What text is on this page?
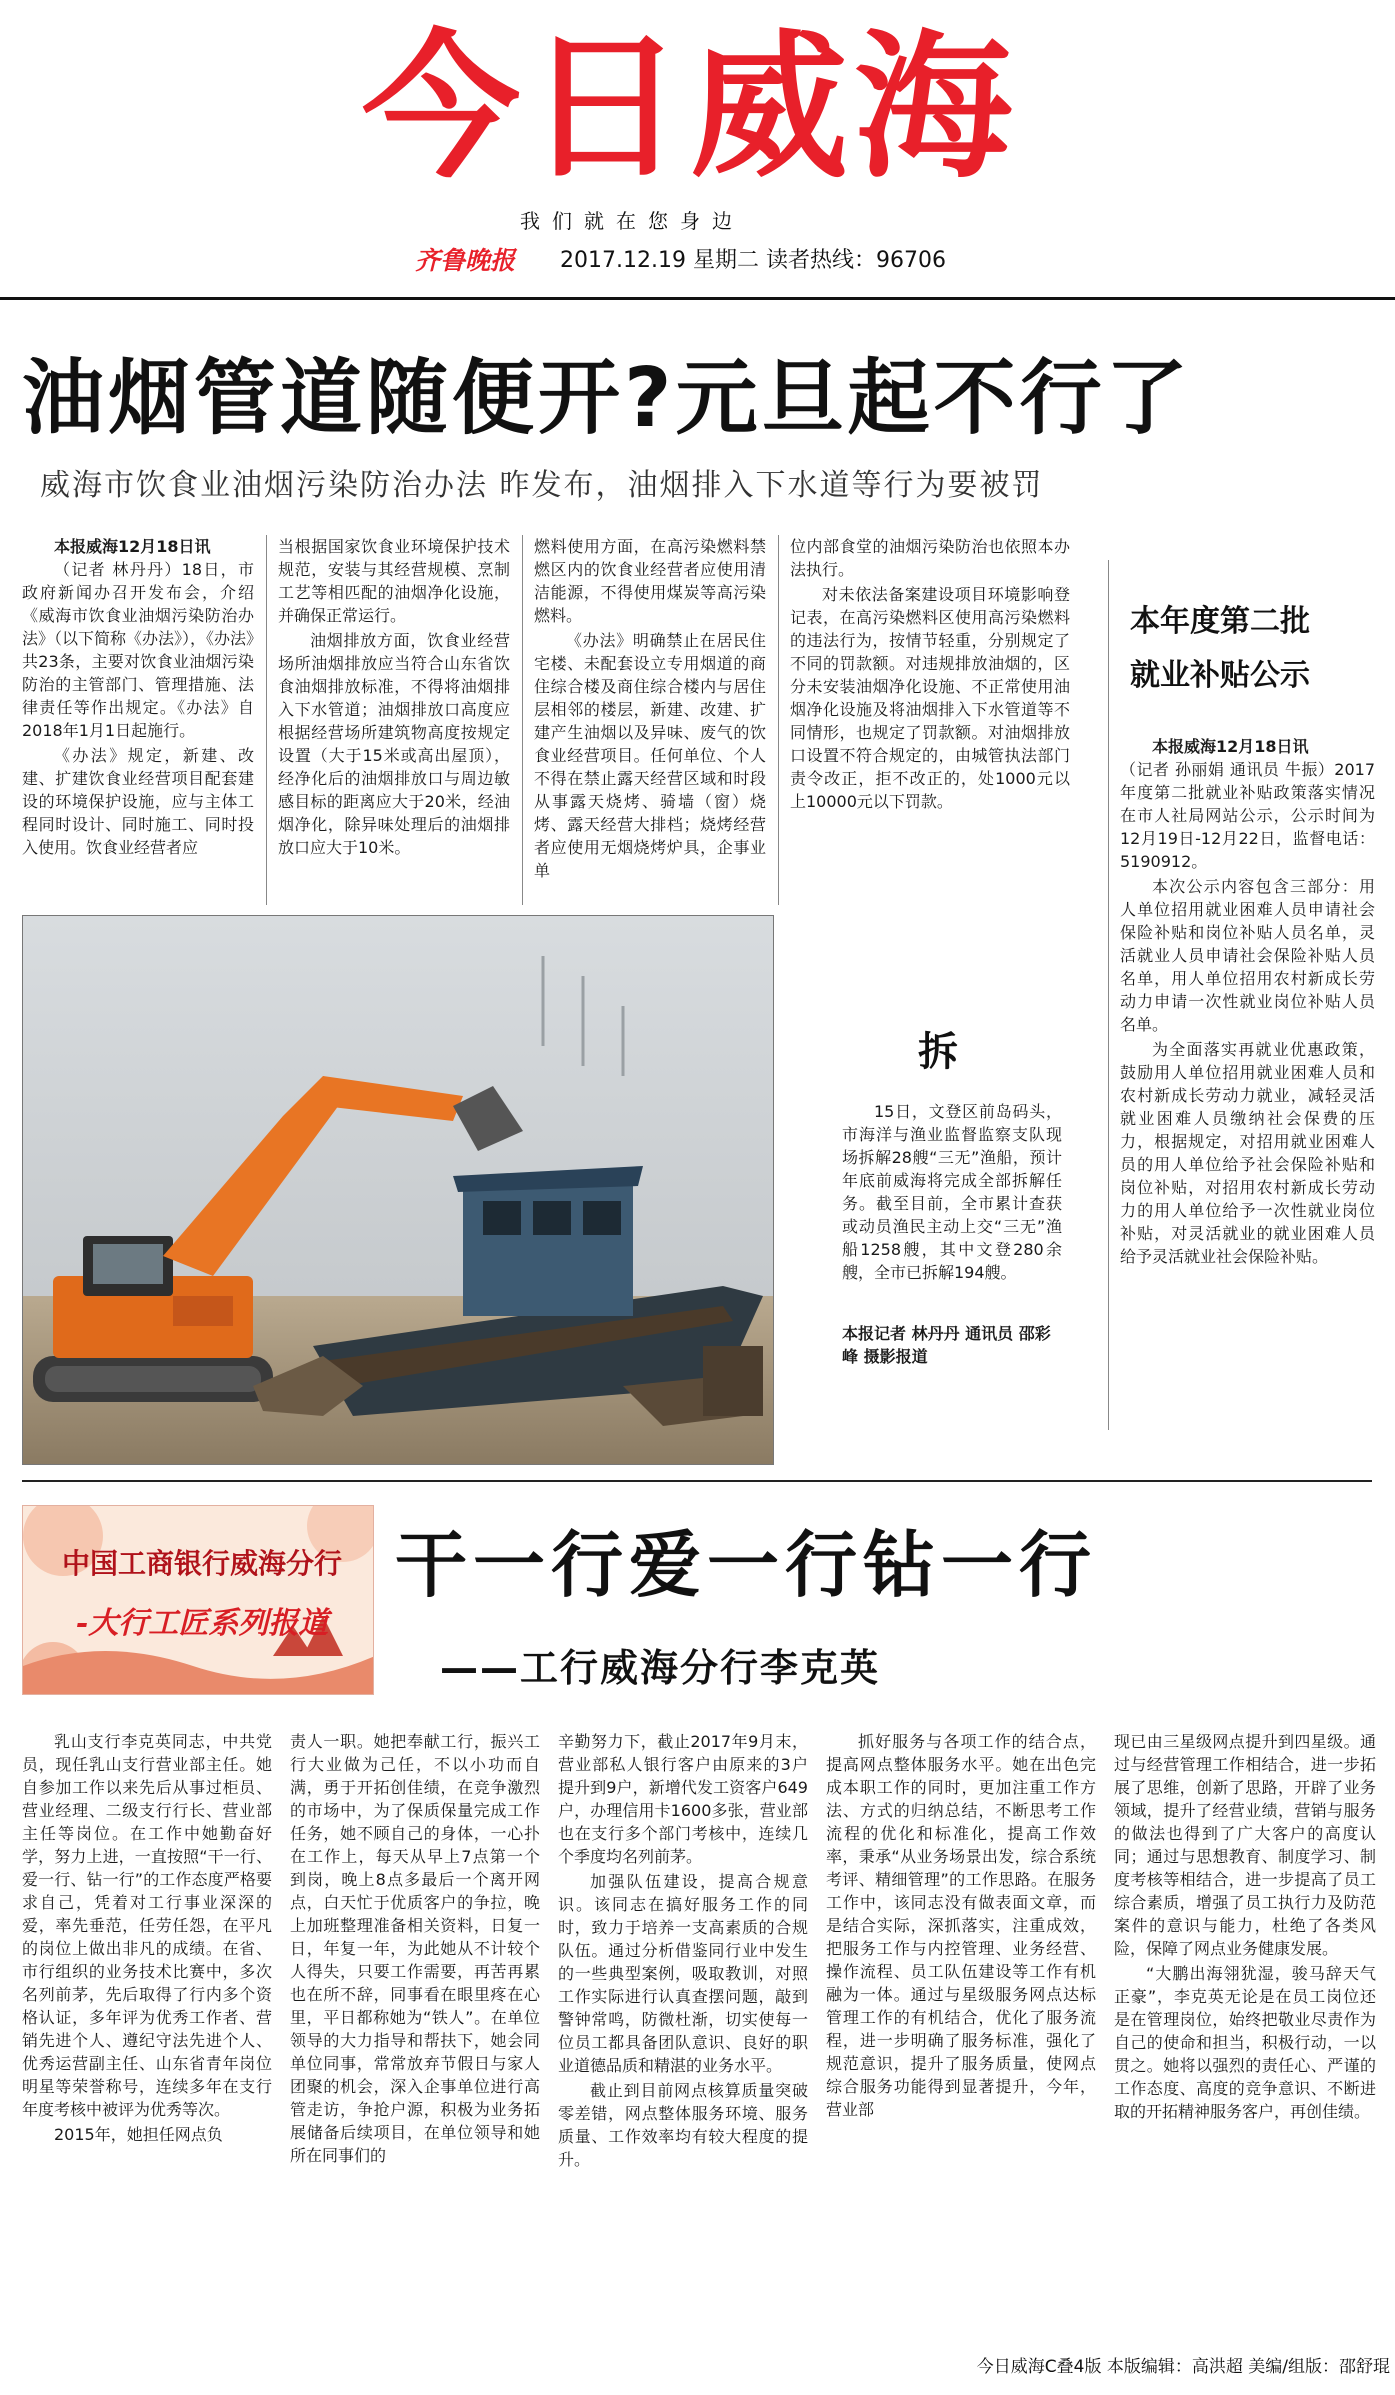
今日威海
我们就在您身边
齐鲁晚报	2017.12.19 星期二 读者热线：96706
油烟管道随便开?元旦起不行了
威海市饮食业油烟污染防治办法 昨发布，油烟排入下水道等行为要被罚
本报威海12月18日讯

（记者 林丹丹）18日，市政府新闻办召开发布会，介绍《威海市饮食业油烟污染防治办法》（以下简称《办法》），《办法》共23条，主要对饮食业油烟污染防治的主管部门、管理措施、法律责任等作出规定。《办法》自2018年1月1日起施行。

《办法》规定，新建、改建、扩建饮食业经营项目配套建设的环境保护设施，应与主体工程同时设计、同时施工、同时投入使用。饮食业经营者应

当根据国家饮食业环境保护技术规范，安装与其经营规模、烹制工艺等相匹配的油烟净化设施，并确保正常运行。

油烟排放方面，饮食业经营场所油烟排放应当符合山东省饮食油烟排放标准，不得将油烟排入下水管道；油烟排放口高度应根据经营场所建筑物高度按规定设置（大于15米或高出屋顶），经净化后的油烟排放口与周边敏感目标的距离应大于20米，经油烟净化，除异味处理后的油烟排放口应大于10米。

燃料使用方面，在高污染燃料禁燃区内的饮食业经营者应使用清洁能源，不得使用煤炭等高污染燃料。

《办法》明确禁止在居民住宅楼、未配套设立专用烟道的商住综合楼及商住综合楼内与居住层相邻的楼层，新建、改建、扩建产生油烟以及异味、废气的饮食业经营项目。任何单位、个人不得在禁止露天经营区域和时段从事露天烧烤、骑墙（窗）烧烤、露天经营大排档；烧烤经营者应使用无烟烧烤炉具，企事业单

位内部食堂的油烟污染防治也依照本办法执行。

对未依法备案建设项目环境影响登记表，在高污染燃料区使用高污染燃料的违法行为，按情节轻重，分别规定了不同的罚款额。对违规排放油烟的，区分未安装油烟净化设施、不正常使用油烟净化设施及将油烟排入下水管道等不同情形，也规定了罚款额。对油烟排放口设置不符合规定的，由城管执法部门责令改正，拒不改正的，处1000元以上10000元以下罚款。

拆

15日，文登区前岛码头，市海洋与渔业监督监察支队现场拆解28艘“三无”渔船，预计年底前威海将完成全部拆解任务。截至目前，全市累计查获或动员渔民主动上交“三无”渔船1258艘，其中文登280余艘，全市已拆解194艘。

本报记者 林丹丹 通讯员 邵彩峰 摄影报道
本年度第二批
就业补贴公示
本报威海12月18日讯

（记者 孙丽娟 通讯员 牛振）2017年度第二批就业补贴政策落实情况在市人社局网站公示，公示时间为12月19日-12月22日，监督电话：5190912。

本次公示内容包含三部分：用人单位招用就业困难人员申请社会保险补贴和岗位补贴人员名单，灵活就业人员申请社会保险补贴人员名单，用人单位招用农村新成长劳动力申请一次性就业岗位补贴人员名单。

为全面落实再就业优惠政策，鼓励用人单位招用就业困难人员和农村新成长劳动力就业，减轻灵活就业困难人员缴纳社会保费的压力，根据规定，对招用就业困难人员的用人单位给予社会保险补贴和岗位补贴，对招用农村新成长劳动力的用人单位给予一次性就业岗位补贴，对灵活就业的就业困难人员给予灵活就业社会保险补贴。

中国工商银行威海分行
-大行工匠系列报道
干一行爱一行钻一行
——工行威海分行李克英

乳山支行李克英同志，中共党员，现任乳山支行营业部主任。她自参加工作以来先后从事过柜员、营业经理、二级支行行长、营业部主任等岗位。在工作中她勤奋好学，努力上进，一直按照“干一行、爱一行、钻一行”的工作态度严格要求自己，凭着对工行事业深深的爱，率先垂范，任劳任怨，在平凡的岗位上做出非凡的成绩。在省、市行组织的业务技术比赛中，多次名列前茅，先后取得了行内多个资格认证，多年评为优秀工作者、营销先进个人、遵纪守法先进个人、优秀运营副主任、山东省青年岗位明星等荣誉称号，连续多年在支行年度考核中被评为优秀等次。

2015年，她担任网点负

责人一职。她把奉献工行，振兴工行大业做为己任，不以小功而自满，勇于开拓创佳绩，在竞争激烈的市场中，为了保质保量完成工作任务，她不顾自己的身体，一心扑在工作上，每天从早上7点第一个到岗，晚上8点多最后一个离开网点，白天忙于优质客户的争拉，晚上加班整理准备相关资料，日复一日，年复一年，为此她从不计较个人得失，只要工作需要，再苦再累也在所不辞，同事看在眼里疼在心里，平日都称她为“铁人”。在单位领导的大力指导和帮扶下，她会同单位同事，常常放弃节假日与家人团聚的机会，深入企事单位进行高管走访，争抢户源，积极为业务拓展储备后续项目，在单位领导和她所在同事们的

辛勤努力下，截止2017年9月末，营业部私人银行客户由原来的3户提升到9户，新增代发工资客户649户，办理信用卡1600多张，营业部也在支行多个部门考核中，连续几个季度均名列前茅。

加强队伍建设，提高合规意识。该同志在搞好服务工作的同时，致力于培养一支高素质的合规队伍。通过分析借鉴同行业中发生的一些典型案例，吸取教训，对照工作实际进行认真查摆问题，敲到警钟常鸣，防微杜渐，切实使每一位员工都具备团队意识、良好的职业道德品质和精湛的业务水平。

截止到目前网点核算质量突破零差错，网点整体服务环境、服务质量、工作效率均有较大程度的提升。

抓好服务与各项工作的结合点，提高网点整体服务水平。她在出色完成本职工作的同时，更加注重工作方法、方式的归纳总结，不断思考工作流程的优化和标准化，提高工作效率，秉承“从业务场景出发，综合系统考评、精细管理”的工作思路。在服务工作中，该同志没有做表面文章，而是结合实际，深抓落实，注重成效，把服务工作与内控管理、业务经营、操作流程、员工队伍建设等工作有机融为一体。通过与星级服务网点达标管理工作的有机结合，优化了服务流程，进一步明确了服务标准，强化了规范意识，提升了服务质量，使网点综合服务功能得到显著提升，今年，营业部

现已由三星级网点提升到四星级。通过与经营管理工作相结合，进一步拓展了思维，创新了思路，开辟了业务领域，提升了经营业绩，营销与服务的做法也得到了广大客户的高度认同；通过与思想教育、制度学习、制度考核等相结合，进一步提高了员工综合素质，增强了员工执行力及防范案件的意识与能力，杜绝了各类风险，保障了网点业务健康发展。

“大鹏出海翎犹湿，骏马辞天气正豪”，李克英无论是在员工岗位还是在管理岗位，始终把敬业尽责作为自己的使命和担当，积极行动，一以贯之。她将以强烈的责任心、严谨的工作态度、高度的竞争意识、不断进取的开拓精神服务客户，再创佳绩。

今日威海C叠4版 本版编辑：高洪超 美编/组版：邵舒琨
